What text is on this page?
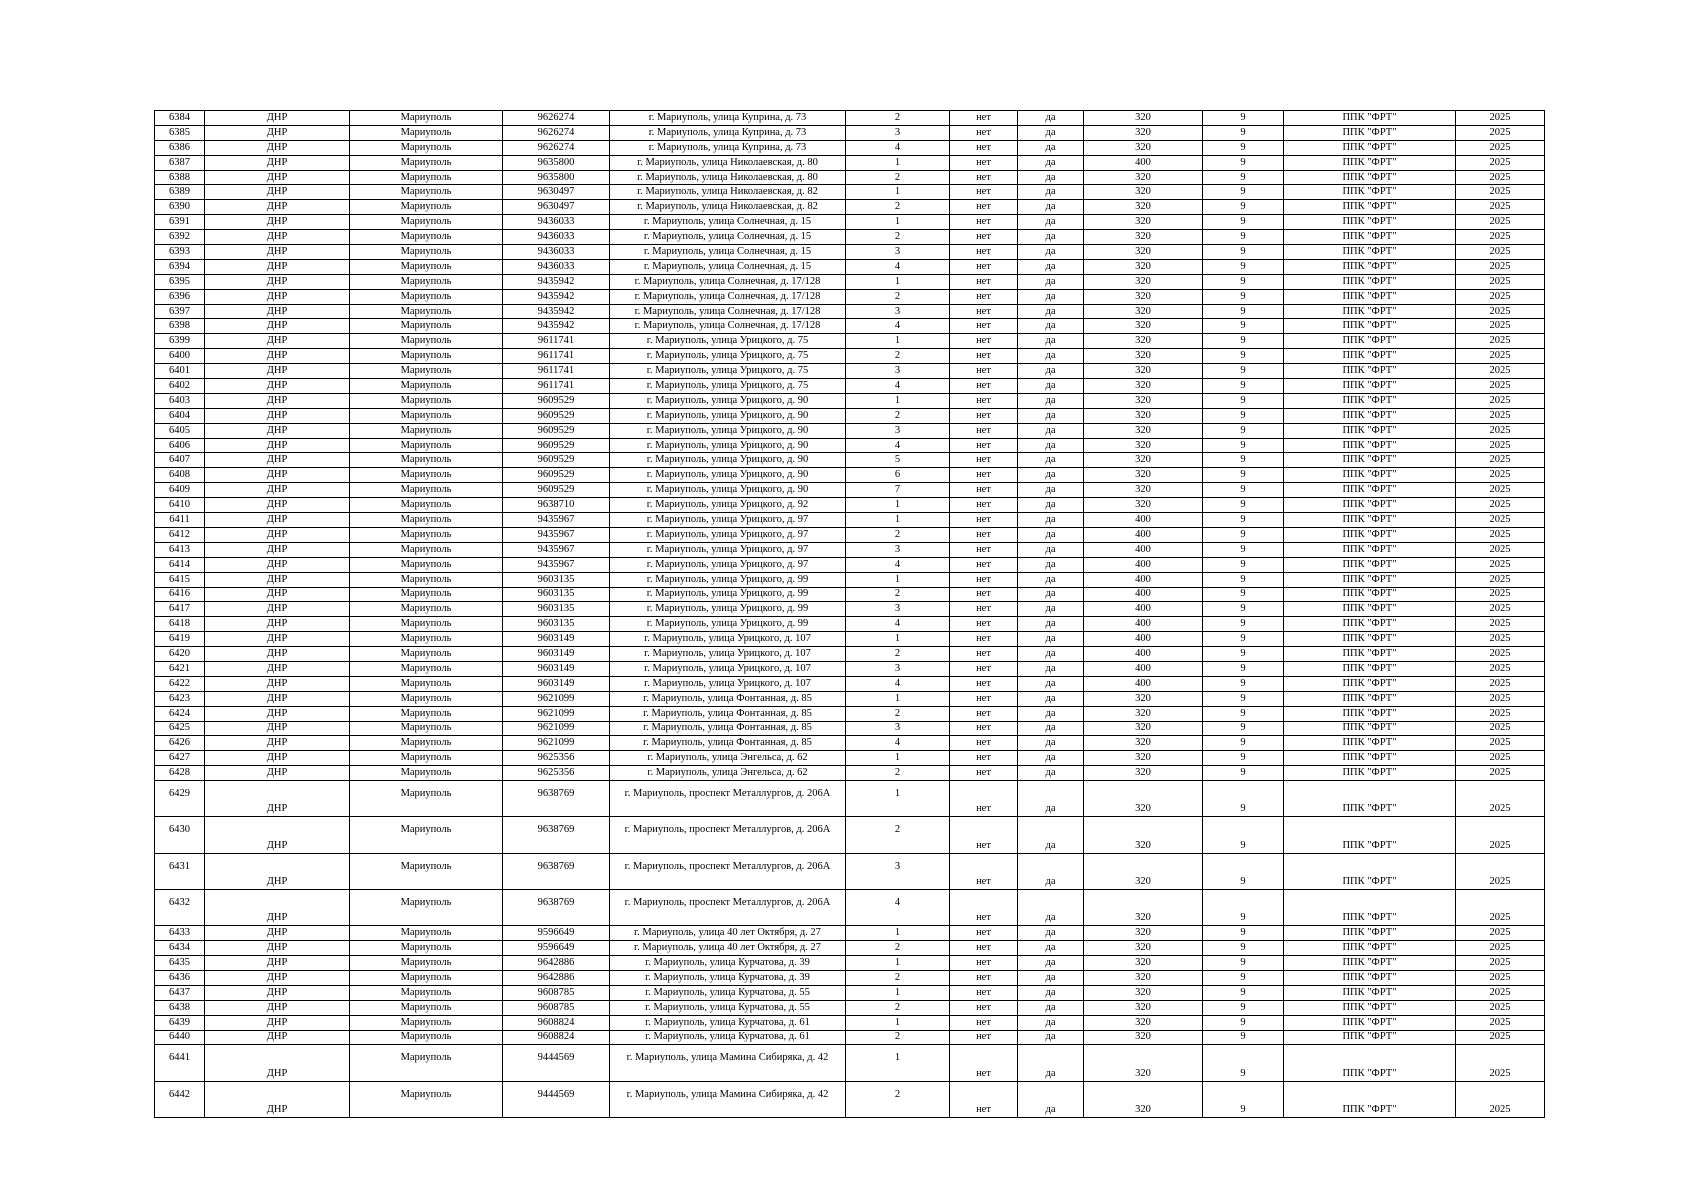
6384	ДНР	Мариуполь	9626274	г. Мариуполь, улица Куприна, д. 73	2	нет	да	320	9	ППК "ФРТ"	2025
6385	ДНР	Мариуполь	9626274	г. Мариуполь, улица Куприна, д. 73	3	нет	да	320	9	ППК "ФРТ"	2025
6386	ДНР	Мариуполь	9626274	г. Мариуполь, улица Куприна, д. 73	4	нет	да	320	9	ППК "ФРТ"	2025
6387	ДНР	Мариуполь	9635800	г. Мариуполь, улица Николаевская, д. 80	1	нет	да	400	9	ППК "ФРТ"	2025
6388	ДНР	Мариуполь	9635800	г. Мариуполь, улица Николаевская, д. 80	2	нет	да	320	9	ППК "ФРТ"	2025
6389	ДНР	Мариуполь	9630497	г. Мариуполь, улица Николаевская, д. 82	1	нет	да	320	9	ППК "ФРТ"	2025
6390	ДНР	Мариуполь	9630497	г. Мариуполь, улица Николаевская, д. 82	2	нет	да	320	9	ППК "ФРТ"	2025
6391	ДНР	Мариуполь	9436033	г. Мариуполь, улица Солнечная, д. 15	1	нет	да	320	9	ППК "ФРТ"	2025
6392	ДНР	Мариуполь	9436033	г. Мариуполь, улица Солнечная, д. 15	2	нет	да	320	9	ППК "ФРТ"	2025
6393	ДНР	Мариуполь	9436033	г. Мариуполь, улица Солнечная, д. 15	3	нет	да	320	9	ППК "ФРТ"	2025
6394	ДНР	Мариуполь	9436033	г. Мариуполь, улица Солнечная, д. 15	4	нет	да	320	9	ППК "ФРТ"	2025
6395	ДНР	Мариуполь	9435942	г. Мариуполь, улица Солнечная, д. 17/128	1	нет	да	320	9	ППК "ФРТ"	2025
6396	ДНР	Мариуполь	9435942	г. Мариуполь, улица Солнечная, д. 17/128	2	нет	да	320	9	ППК "ФРТ"	2025
6397	ДНР	Мариуполь	9435942	г. Мариуполь, улица Солнечная, д. 17/128	3	нет	да	320	9	ППК "ФРТ"	2025
6398	ДНР	Мариуполь	9435942	г. Мариуполь, улица Солнечная, д. 17/128	4	нет	да	320	9	ППК "ФРТ"	2025
6399	ДНР	Мариуполь	9611741	г. Мариуполь, улица Урицкого, д. 75	1	нет	да	320	9	ППК "ФРТ"	2025
6400	ДНР	Мариуполь	9611741	г. Мариуполь, улица Урицкого, д. 75	2	нет	да	320	9	ППК "ФРТ"	2025
6401	ДНР	Мариуполь	9611741	г. Мариуполь, улица Урицкого, д. 75	3	нет	да	320	9	ППК "ФРТ"	2025
6402	ДНР	Мариуполь	9611741	г. Мариуполь, улица Урицкого, д. 75	4	нет	да	320	9	ППК "ФРТ"	2025
6403	ДНР	Мариуполь	9609529	г. Мариуполь, улица Урицкого, д. 90	1	нет	да	320	9	ППК "ФРТ"	2025
6404	ДНР	Мариуполь	9609529	г. Мариуполь, улица Урицкого, д. 90	2	нет	да	320	9	ППК "ФРТ"	2025
6405	ДНР	Мариуполь	9609529	г. Мариуполь, улица Урицкого, д. 90	3	нет	да	320	9	ППК "ФРТ"	2025
6406	ДНР	Мариуполь	9609529	г. Мариуполь, улица Урицкого, д. 90	4	нет	да	320	9	ППК "ФРТ"	2025
6407	ДНР	Мариуполь	9609529	г. Мариуполь, улица Урицкого, д. 90	5	нет	да	320	9	ППК "ФРТ"	2025
6408	ДНР	Мариуполь	9609529	г. Мариуполь, улица Урицкого, д. 90	6	нет	да	320	9	ППК "ФРТ"	2025
6409	ДНР	Мариуполь	9609529	г. Мариуполь, улица Урицкого, д. 90	7	нет	да	320	9	ППК "ФРТ"	2025
6410	ДНР	Мариуполь	9638710	г. Мариуполь, улица Урицкого, д. 92	1	нет	да	320	9	ППК "ФРТ"	2025
6411	ДНР	Мариуполь	9435967	г. Мариуполь, улица Урицкого, д. 97	1	нет	да	400	9	ППК "ФРТ"	2025
6412	ДНР	Мариуполь	9435967	г. Мариуполь, улица Урицкого, д. 97	2	нет	да	400	9	ППК "ФРТ"	2025
6413	ДНР	Мариуполь	9435967	г. Мариуполь, улица Урицкого, д. 97	3	нет	да	400	9	ППК "ФРТ"	2025
6414	ДНР	Мариуполь	9435967	г. Мариуполь, улица Урицкого, д. 97	4	нет	да	400	9	ППК "ФРТ"	2025
6415	ДНР	Мариуполь	9603135	г. Мариуполь, улица Урицкого, д. 99	1	нет	да	400	9	ППК "ФРТ"	2025
6416	ДНР	Мариуполь	9603135	г. Мариуполь, улица Урицкого, д. 99	2	нет	да	400	9	ППК "ФРТ"	2025
6417	ДНР	Мариуполь	9603135	г. Мариуполь, улица Урицкого, д. 99	3	нет	да	400	9	ППК "ФРТ"	2025
6418	ДНР	Мариуполь	9603135	г. Мариуполь, улица Урицкого, д. 99	4	нет	да	400	9	ППК "ФРТ"	2025
6419	ДНР	Мариуполь	9603149	г. Мариуполь, улица Урицкого, д. 107	1	нет	да	400	9	ППК "ФРТ"	2025
6420	ДНР	Мариуполь	9603149	г. Мариуполь, улица Урицкого, д. 107	2	нет	да	400	9	ППК "ФРТ"	2025
6421	ДНР	Мариуполь	9603149	г. Мариуполь, улица Урицкого, д. 107	3	нет	да	400	9	ППК "ФРТ"	2025
6422	ДНР	Мариуполь	9603149	г. Мариуполь, улица Урицкого, д. 107	4	нет	да	400	9	ППК "ФРТ"	2025
6423	ДНР	Мариуполь	9621099	г. Мариуполь, улица Фонтанная, д. 85	1	нет	да	320	9	ППК "ФРТ"	2025
6424	ДНР	Мариуполь	9621099	г. Мариуполь, улица Фонтанная, д. 85	2	нет	да	320	9	ППК "ФРТ"	2025
6425	ДНР	Мариуполь	9621099	г. Мариуполь, улица Фонтанная, д. 85	3	нет	да	320	9	ППК "ФРТ"	2025
6426	ДНР	Мариуполь	9621099	г. Мариуполь, улица Фонтанная, д. 85	4	нет	да	320	9	ППК "ФРТ"	2025
6427	ДНР	Мариуполь	9625356	г. Мариуполь, улица Энгельса, д. 62	1	нет	да	320	9	ППК "ФРТ"	2025
6428	ДНР	Мариуполь	9625356	г. Мариуполь, улица Энгельса, д. 62	2	нет	да	320	9	ППК "ФРТ"	2025
6429	ДНР	Мариуполь	9638769	г. Мариуполь, проспект Металлургов, д. 206А	1	нет	да	320	9	ППК "ФРТ"	2025
6430	ДНР	Мариуполь	9638769	г. Мариуполь, проспект Металлургов, д. 206А	2	нет	да	320	9	ППК "ФРТ"	2025
6431	ДНР	Мариуполь	9638769	г. Мариуполь, проспект Металлургов, д. 206А	3	нет	да	320	9	ППК "ФРТ"	2025
6432	ДНР	Мариуполь	9638769	г. Мариуполь, проспект Металлургов, д. 206А	4	нет	да	320	9	ППК "ФРТ"	2025
6433	ДНР	Мариуполь	9596649	г. Мариуполь, улица 40 лет Октября, д. 27	1	нет	да	320	9	ППК "ФРТ"	2025
6434	ДНР	Мариуполь	9596649	г. Мариуполь, улица 40 лет Октября, д. 27	2	нет	да	320	9	ППК "ФРТ"	2025
6435	ДНР	Мариуполь	9642886	г. Мариуполь, улица Курчатова, д. 39	1	нет	да	320	9	ППК "ФРТ"	2025
6436	ДНР	Мариуполь	9642886	г. Мариуполь, улица Курчатова, д. 39	2	нет	да	320	9	ППК "ФРТ"	2025
6437	ДНР	Мариуполь	9608785	г. Мариуполь, улица Курчатова, д. 55	1	нет	да	320	9	ППК "ФРТ"	2025
6438	ДНР	Мариуполь	9608785	г. Мариуполь, улица Курчатова, д. 55	2	нет	да	320	9	ППК "ФРТ"	2025
6439	ДНР	Мариуполь	9608824	г. Мариуполь, улица Курчатова, д. 61	1	нет	да	320	9	ППК "ФРТ"	2025
6440	ДНР	Мариуполь	9608824	г. Мариуполь, улица Курчатова, д. 61	2	нет	да	320	9	ППК "ФРТ"	2025
6441	ДНР	Мариуполь	9444569	г. Мариуполь, улица Мамина Сибиряка, д. 42	1	нет	да	320	9	ППК "ФРТ"	2025
6442	ДНР	Мариуполь	9444569	г. Мариуполь, улица Мамина Сибиряка, д. 42	2	нет	да	320	9	ППК "ФРТ"	2025
